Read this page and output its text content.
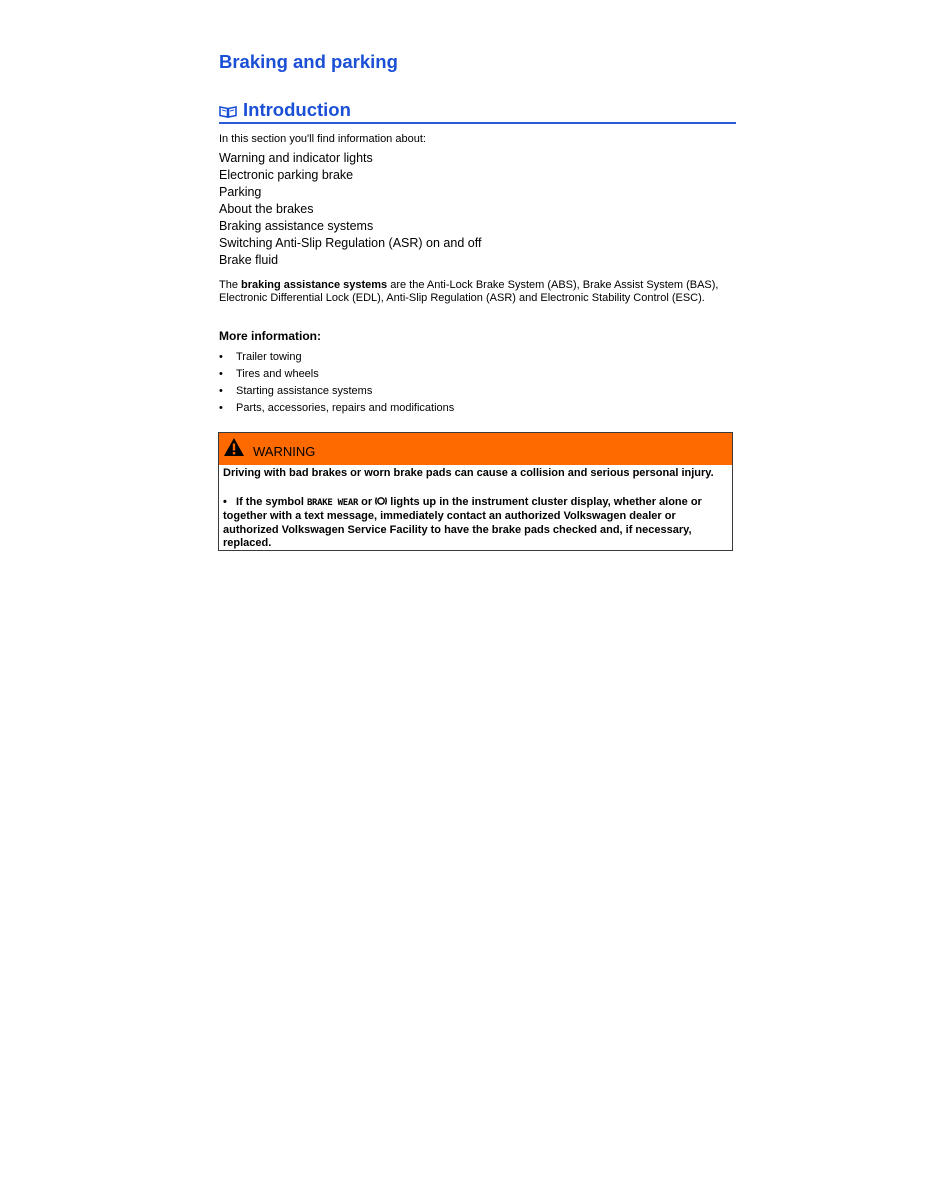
Braking and parking
Introduction
In this section you'll find information about:
Warning and indicator lights
Electronic parking brake
Parking
About the brakes
Braking assistance systems
Switching Anti-Slip Regulation (ASR) on and off
Brake fluid

The braking assistance systems are the Anti-Lock Brake System (ABS), Brake Assist System (BAS), Electronic Differential Lock (EDL), Anti-Slip Regulation (ASR) and Electronic Stability Control (ESC).

More information:
• Trailer towing
• Tires and wheels
• Starting assistance systems
• Parts, accessories, repairs and modifications
WARNING

Driving with bad brakes or worn brake pads can cause a collision and serious personal injury.

• If the symbol BRAKE WEAR or  lights up in the instrument cluster display, whether alone or together with a text message, immediately contact an authorized Volkswagen dealer or authorized Volkswagen Service Facility to have the brake pads checked and, if necessary, replaced.
